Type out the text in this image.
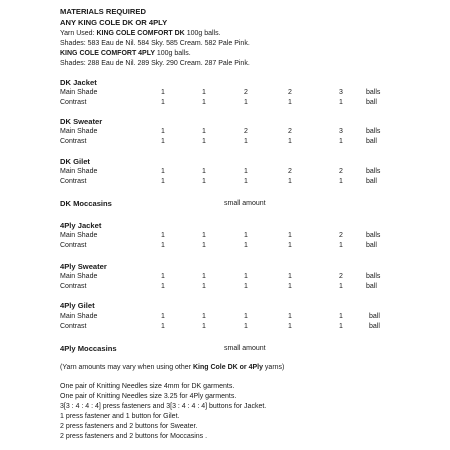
MATERIALS REQUIRED
ANY KING COLE DK OR 4PLY
Yarn Used: KING COLE COMFORT DK 100g balls.
Shades: 583 Eau de Nil. 584 Sky. 585 Cream. 582 Pale Pink.
KING COLE COMFORT 4PLY 100g balls.
Shades: 288 Eau de Nil. 289 Sky. 290 Cream. 287 Pale Pink.
DK Jacket
Main Shade	1	1	2	2	3	balls
Contrast	1	1	1	1	1	ball
DK Sweater
Main Shade	1	1	2	2	3	balls
Contrast	1	1	1	1	1	ball
DK Gilet
Main Shade	1	1	1	2	2	balls
Contrast	1	1	1	1	1	ball
DK Moccasins	small amount
4Ply Jacket
Main Shade	1	1	1	1	2	balls
Contrast	1	1	1	1	1	ball
4Ply Sweater
Main Shade	1	1	1	1	2	balls
Contrast	1	1	1	1	1	ball
4Ply Gilet
Main Shade	1	1	1	1	1	ball
Contrast	1	1	1	1	1	ball
4Ply Moccasins	small amount
(Yarn amounts may vary when using other King Cole DK or 4Ply yarns)
One pair of Knitting Needles size 4mm for DK garments.
One pair of Knitting Needles size 3.25 for 4Ply garments.
3[3 : 4 : 4 : 4] press fasteners and 3[3 : 4 : 4 : 4] buttons for Jacket.
1 press fastener and 1 button for Gilet.
2 press fasteners and 2 buttons for Sweater.
2 press fasteners and 2 buttons for Moccasins .
